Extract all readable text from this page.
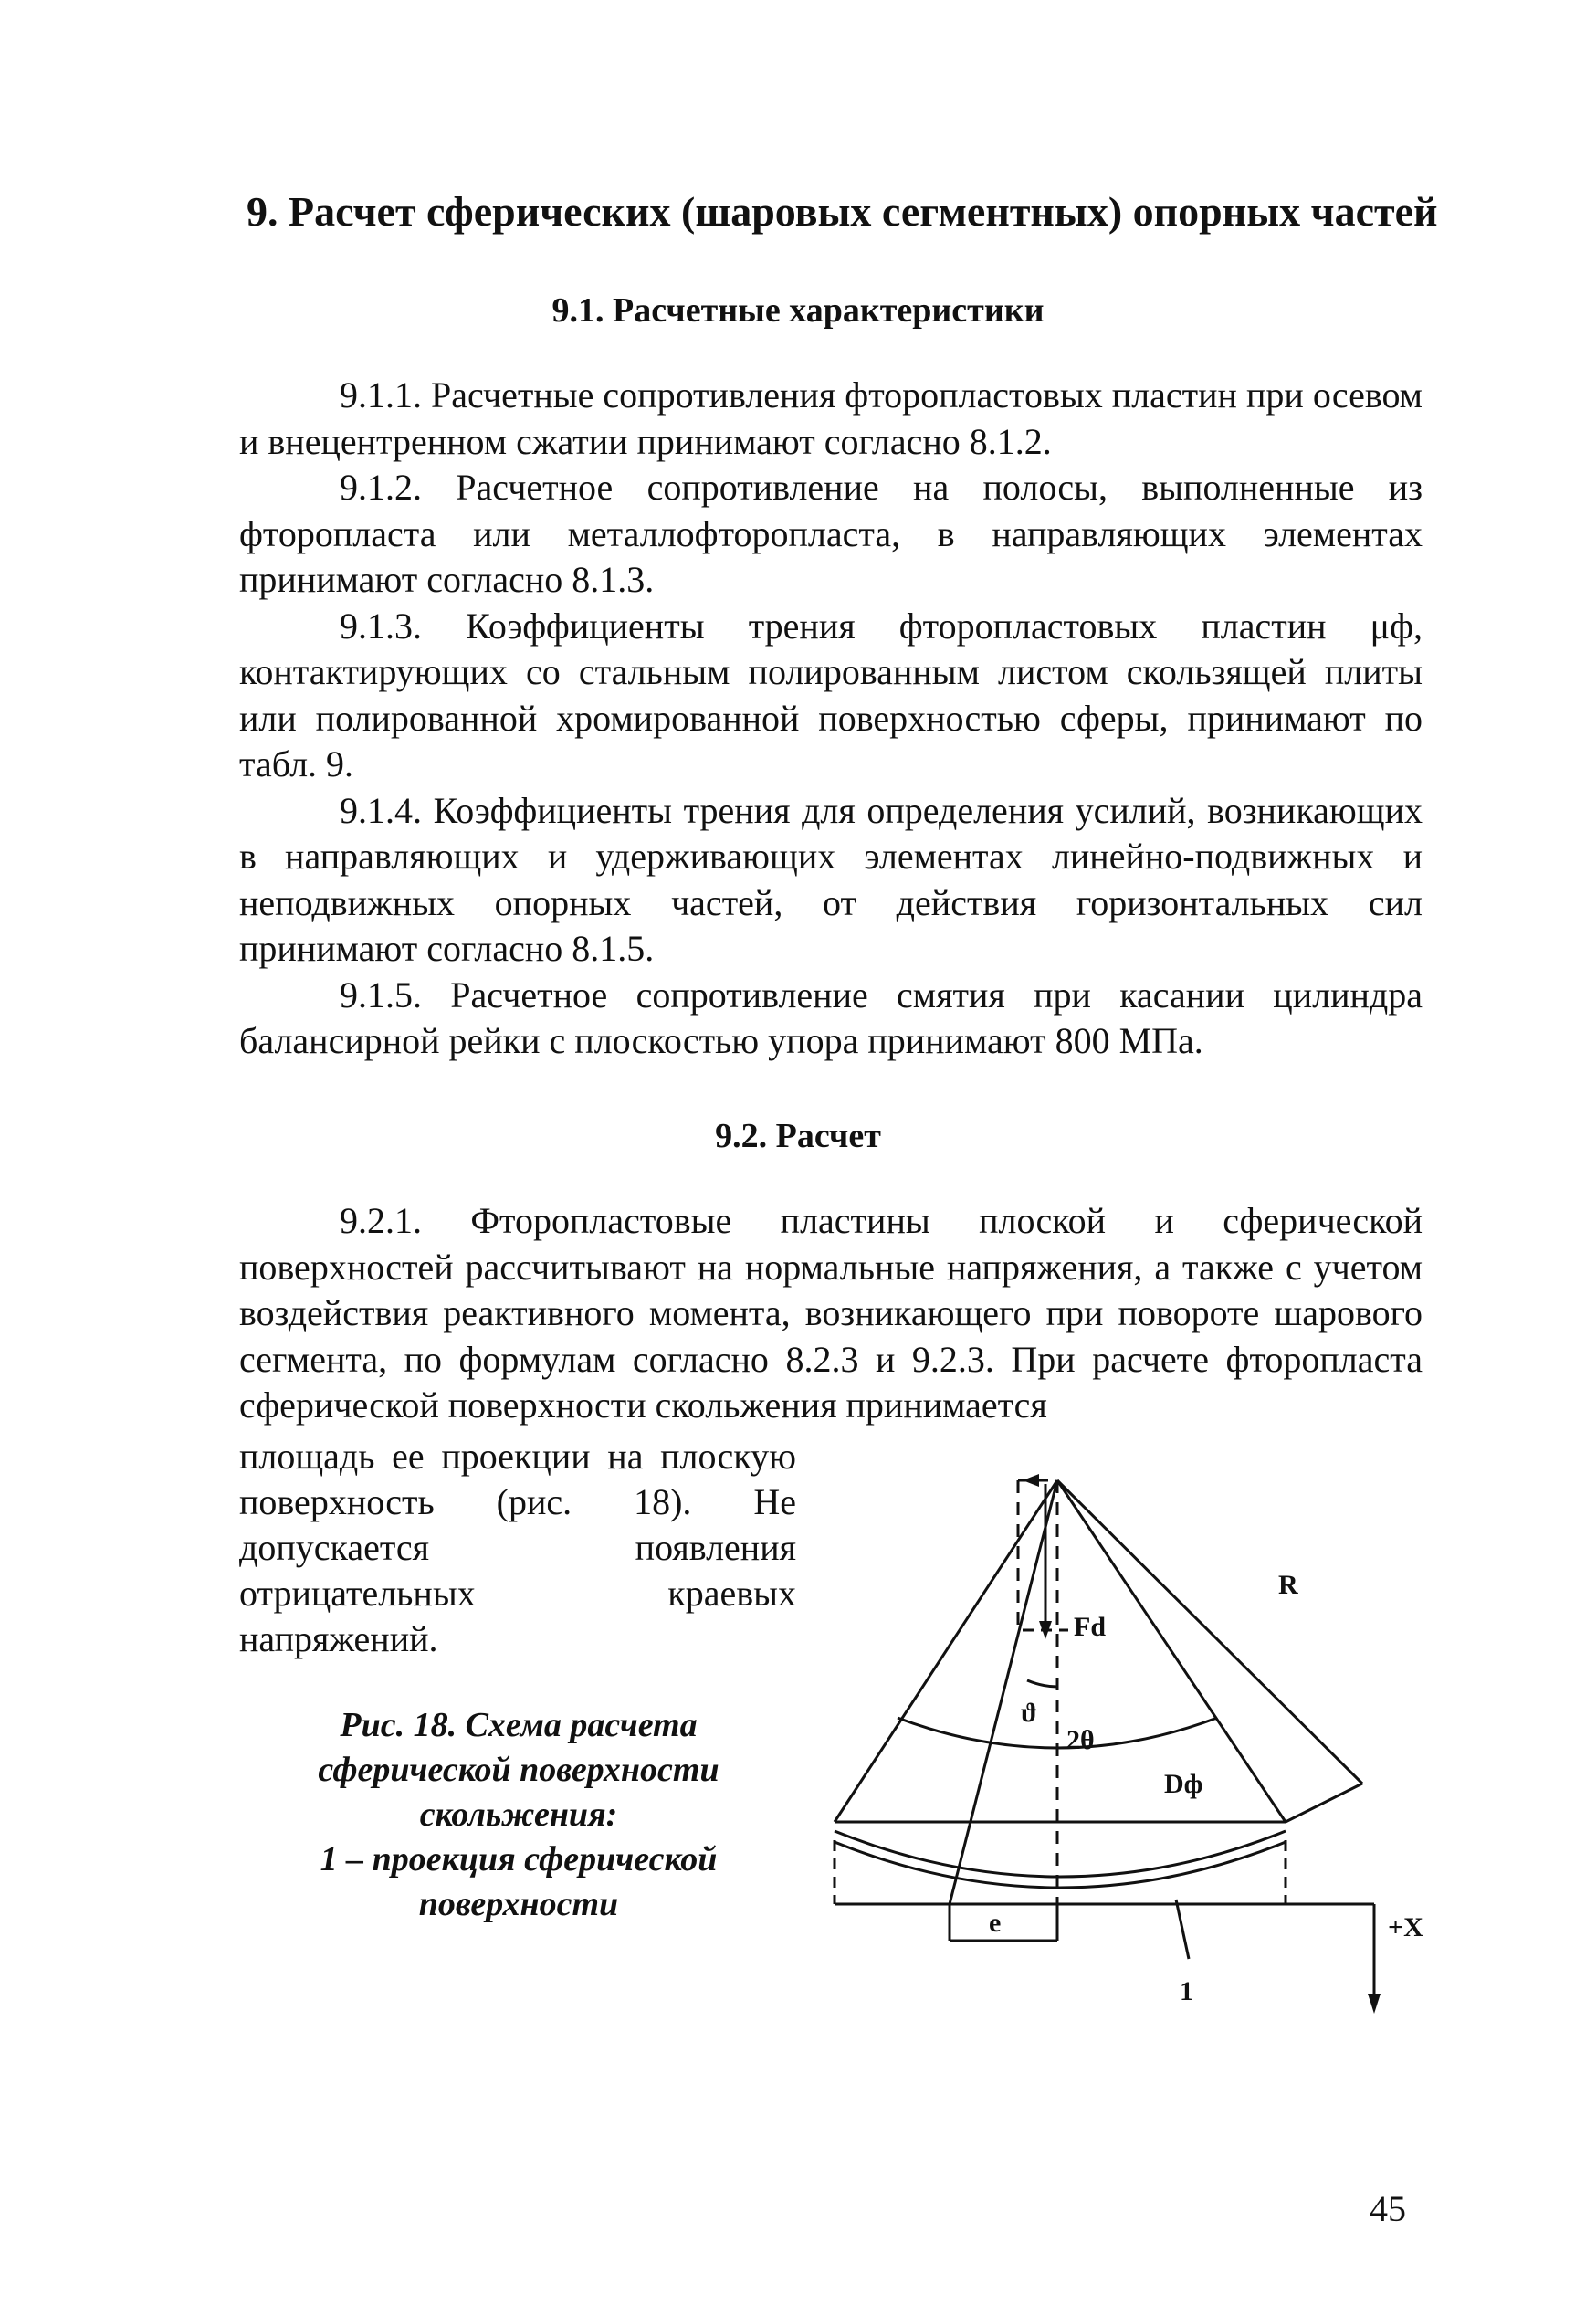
9. Расчет сферических (шаровых сегментных) опорных частей
9.1. Расчетные характеристики

9.1.1. Расчетные сопротивления фторопластовых пластин при осевом и внецентренном сжатии принимают согласно 8.1.2.

9.1.2. Расчетное сопротивление на полосы, выполненные из фторопласта или металлофторопласта, в направляющих элементах принимают согласно 8.1.3.

9.1.3. Коэффициенты трения фторопластовых пластин μф, контактирующих со стальным полированным листом скользящей плиты или полированной хромированной поверхностью сферы, принимают по табл. 9.

9.1.4. Коэффициенты трения для определения усилий, возникающих в направляющих и удерживающих элементах линейно-подвижных и неподвижных опорных частей, от действия горизонтальных сил принимают согласно 8.1.5.

9.1.5. Расчетное сопротивление смятия при касании цилиндра балансирной рейки с плоскостью упора принимают 800 МПа.

9.2. Расчет

9.2.1. Фторопластовые пластины плоской и сферической поверхностей рассчитывают на нормальные напряжения, а также с учетом воздействия реактивного момента, возникающего при повороте шарового сегмента, по формулам согласно 8.2.3 и 9.2.3. При расчете фторопласта сферической поверхности скольжения принимается

площадь ее проекции на плоскую поверхность (рис. 18). Не допускается появления отрицательных краевых напряжений.

Рис. 18. Схема расчета
сферической поверхности
скольжения:
1 – проекция сферической
поверхности
R
Fd
ϑ
2θ
Dф
e	+X
1
45
